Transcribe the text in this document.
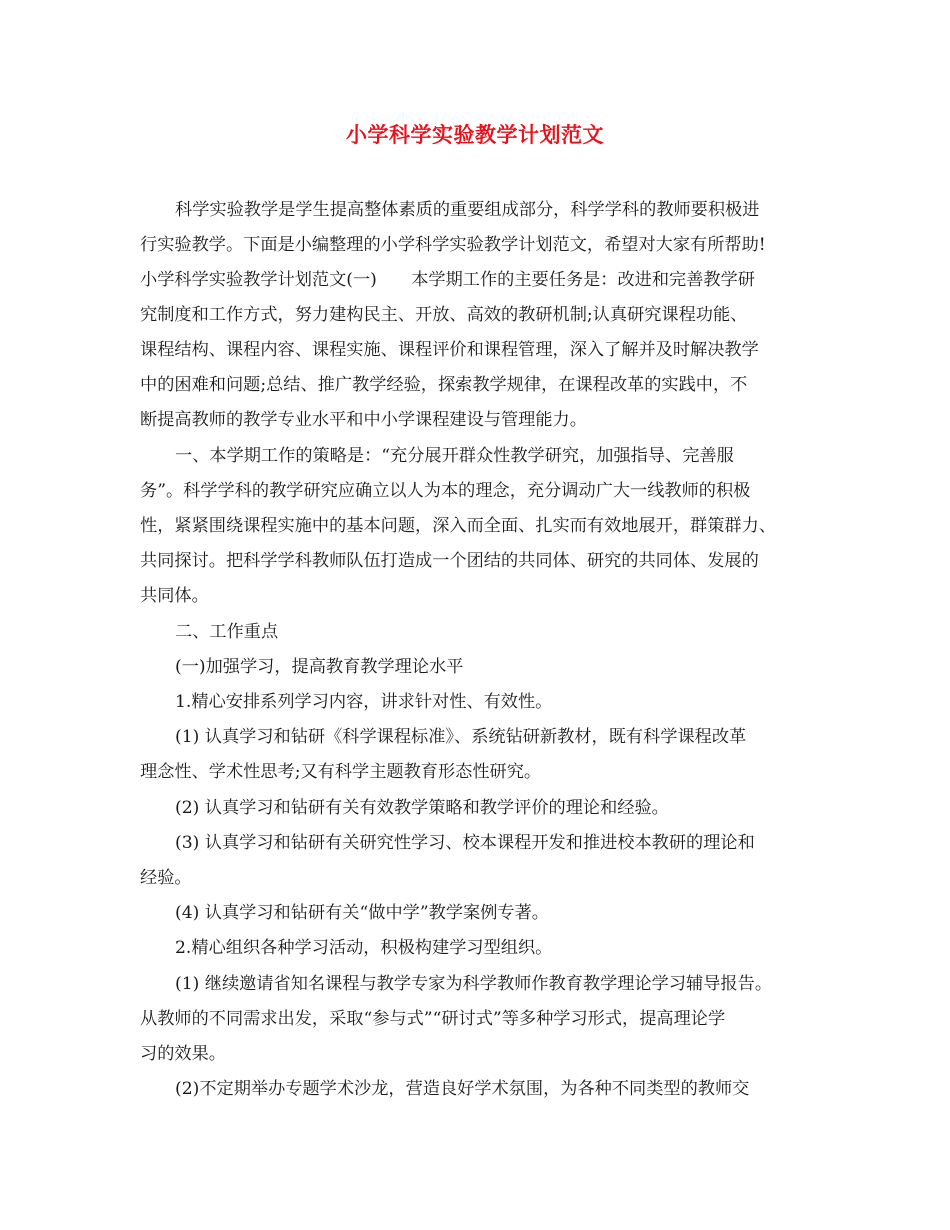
小学科学实验教学计划范文
科学实验教学是学生提高整体素质的重要组成部分，科学学科的教师要积极进
行实验教学。下面是小编整理的小学科学实验教学计划范文，希望对大家有所帮助!
小学科学实验教学计划范文(一)　　本学期工作的主要任务是：改进和完善教学研
究制度和工作方式，努力建构民主、开放、高效的教研机制;认真研究课程功能、
课程结构、课程内容、课程实施、课程评价和课程管理，深入了解并及时解决教学
中的困难和问题;总结、推广教学经验，探索教学规律，在课程改革的实践中，不
断提高教师的教学专业水平和中小学课程建设与管理能力。
一、本学期工作的策略是：“充分展开群众性教学研究，加强指导、完善服
务”。科学学科的教学研究应确立以人为本的理念，充分调动广大一线教师的积极
性，紧紧围绕课程实施中的基本问题，深入而全面、扎实而有效地展开，群策群力、
共同探讨。把科学学科教师队伍打造成一个团结的共同体、研究的共同体、发展的
共同体。
二、工作重点
(一)加强学习，提高教育教学理论水平
1.精心安排系列学习内容，讲求针对性、有效性。
(1) 认真学习和钻研《科学课程标准》、系统钻研新教材，既有科学课程改革
理念性、学术性思考;又有科学主题教育形态性研究。
(2) 认真学习和钻研有关有效教学策略和教学评价的理论和经验。
(3) 认真学习和钻研有关研究性学习、校本课程开发和推进校本教研的理论和
经验。
(4) 认真学习和钻研有关“做中学”教学案例专著。
2.精心组织各种学习活动，积极构建学习型组织。
(1) 继续邀请省知名课程与教学专家为科学教师作教育教学理论学习辅导报告。
从教师的不同需求出发，采取“参与式”“研讨式”等多种学习形式，提高理论学
习的效果。
(2)不定期举办专题学术沙龙，营造良好学术氛围，为各种不同类型的教师交
